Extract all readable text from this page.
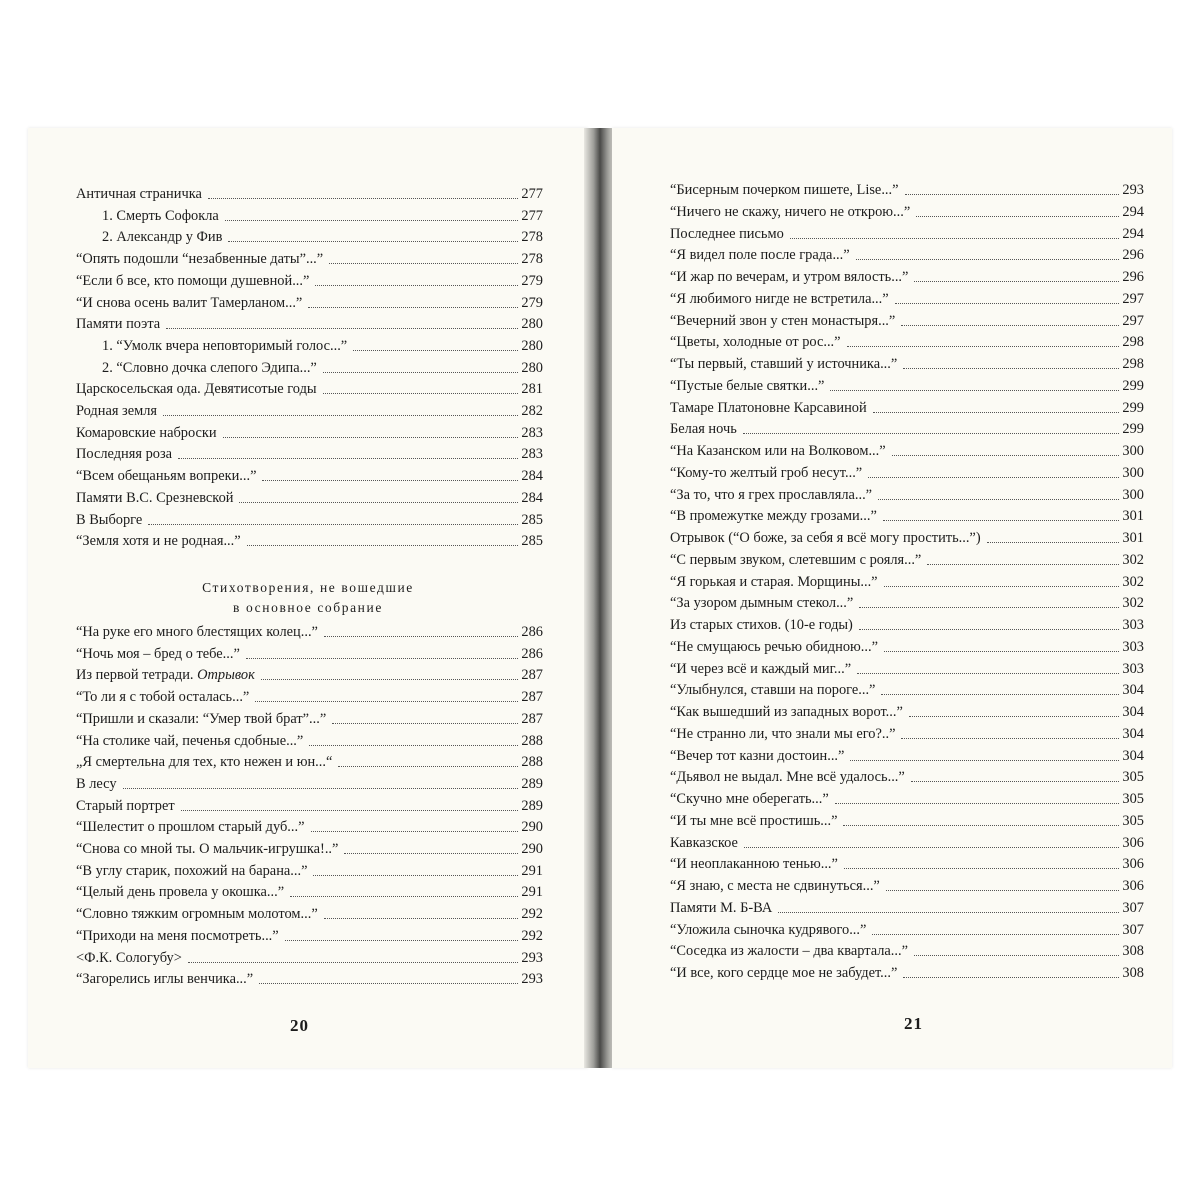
Античная страничка	277
1. Смерть Софокла	277
2. Александр у Фив	278
“Опять подошли “незабвенные даты”...”	278
“Если б все, кто помощи душевной...”	279
“И снова осень валит Тамерланом...”	279
Памяти поэта	280
1. “Умолк вчера неповторимый голос...”	280
2. “Словно дочка слепого Эдипа...”	280
Царскосельская ода. Девятисотые годы	281
Родная земля	282
Комаровские наброски	283
Последняя роза	283
“Всем обещаньям вопреки...”	284
Памяти В.С. Срезневской	284
В Выборге	285
“Земля хотя и не родная...”	285
Стихотворения, не вошедшие
в основное собрание
“На руке его много блестящих колец...”	286
“Ночь моя – бред о тебе...”	286
Из первой тетради. Отрывок	287
“То ли я с тобой осталась...”	287
“Пришли и сказали: “Умер твой брат”...”	287
“На столике чай, печенья сдобные...”	288
„Я смертельна для тех, кто нежен и юн...“	288
В лесу	289
Старый портрет	289
“Шелестит о прошлом старый дуб...”	290
“Снова со мной ты. О мальчик-игрушка!..”	290
“В углу старик, похожий на барана...”	291
“Целый день провела у окошка...”	291
“Словно тяжким огромным молотом...”	292
“Приходи на меня посмотреть...”	292
<Ф.К. Сологубу>	293
“Загорелись иглы венчика...”	293
20
“Бисерным почерком пишете, Lise...”	293
“Ничего не скажу, ничего не открою...”	294
Последнее письмо	294
“Я видел поле после града...”	296
“И жар по вечерам, и утром вялость...”	296
“Я любимого нигде не встретила...”	297
“Вечерний звон у стен монастыря...”	297
“Цветы, холодные от рос...”	298
“Ты первый, ставший у источника...”	298
“Пустые белые святки...”	299
Тамаре Платоновне Карсавиной	299
Белая ночь	299
“На Казанском или на Волковом...”	300
“Кому-то желтый гроб несут...”	300
“За то, что я грех прославляла...”	300
“В промежутке между грозами...”	301
Отрывок (“О боже, за себя я всё могу простить...”)	301
“С первым звуком, слетевшим с рояля...”	302
“Я горькая и старая. Морщины...”	302
“За узором дымным стекол...”	302
Из старых стихов. (10-е годы)	303
“Не смущаюсь речью обидною...”	303
“И через всё и каждый миг...”	303
“Улыбнулся, ставши на пороге...”	304
“Как вышедший из западных ворот...”	304
“Не странно ли, что знали мы его?..”	304
“Вечер тот казни достоин...”	304
“Дьявол не выдал. Мне всё удалось...”	305
“Скучно мне оберегать...”	305
“И ты мне всё простишь...”	305
Кавказское	306
“И неоплаканною тенью...”	306
“Я знаю, с места не сдвинуться...”	306
Памяти М. Б-ВА	307
“Уложила сыночка кудрявого...”	307
“Соседка из жалости – два квартала...”	308
“И все, кого сердце мое не забудет...”	308
21
